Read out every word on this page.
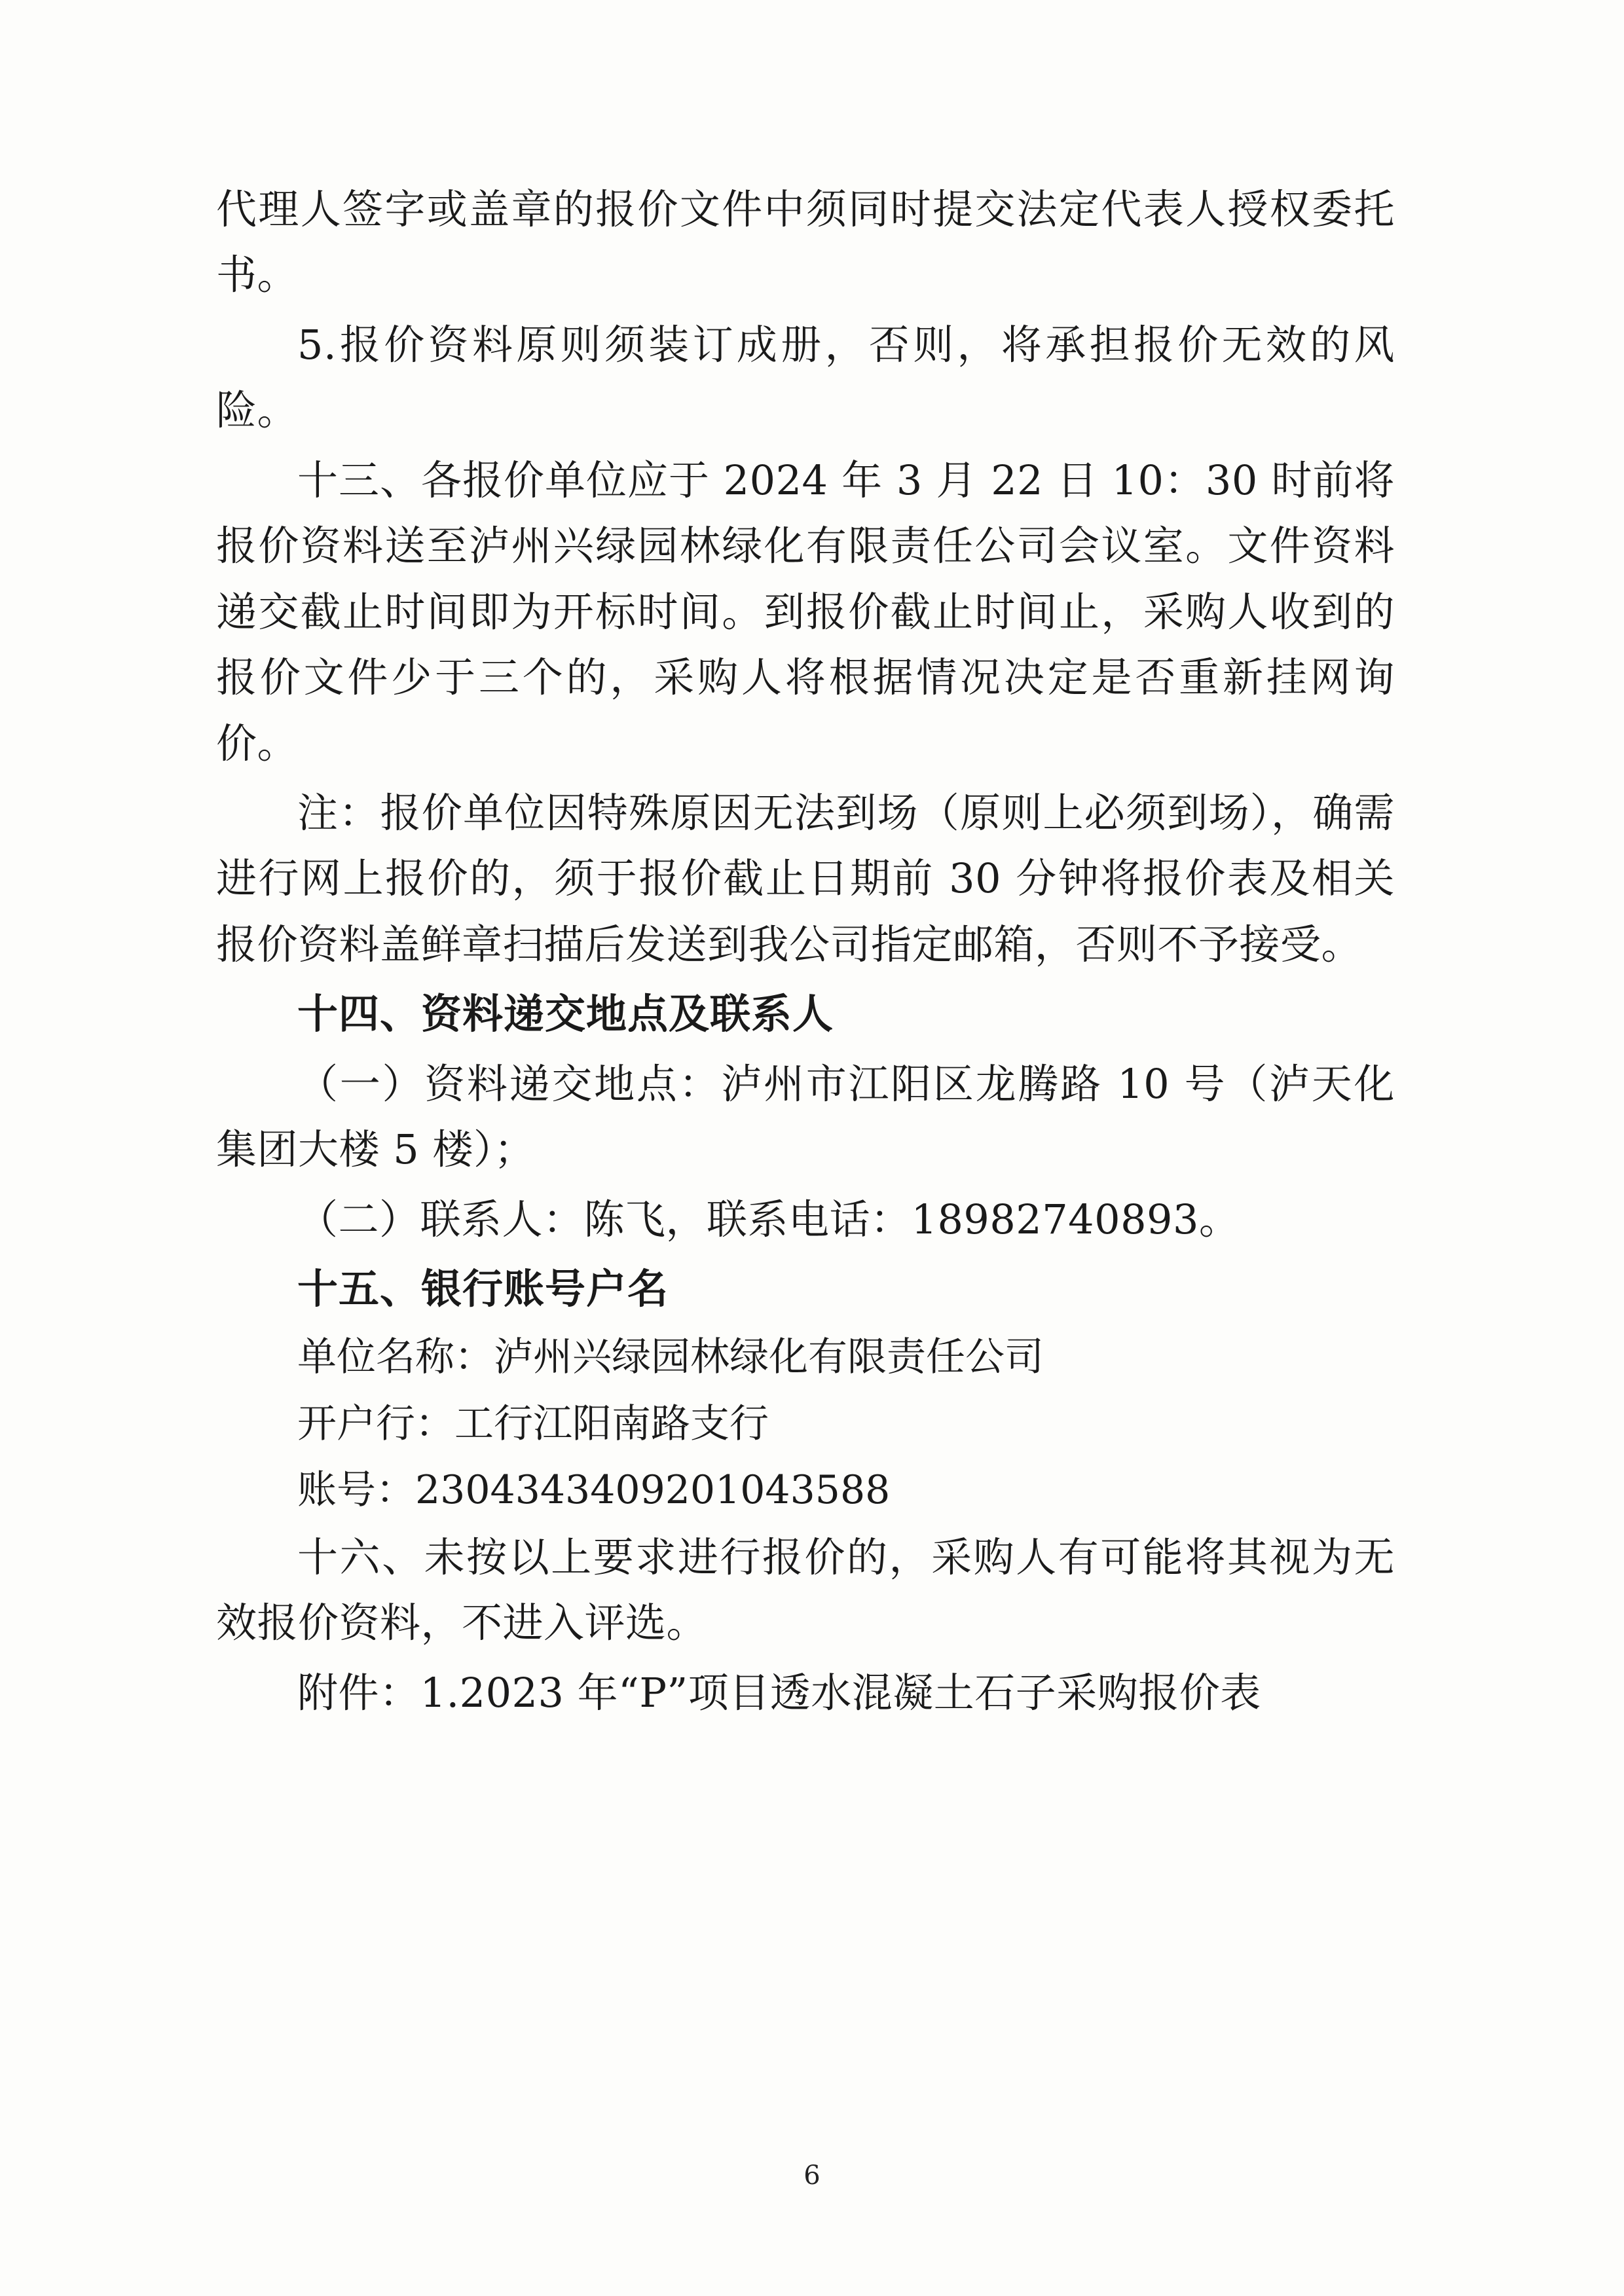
代理人签字或盖章的报价文件中须同时提交法定代表人授权委托书。

5.报价资料原则须装订成册，否则，将承担报价无效的风险。

十三、各报价单位应于 2024 年 3 月 22 日 10：30 时前将报价资料送至泸州兴绿园林绿化有限责任公司会议室。文件资料递交截止时间即为开标时间。到报价截止时间止，采购人收到的报价文件少于三个的，采购人将根据情况决定是否重新挂网询价。

注：报价单位因特殊原因无法到场（原则上必须到场），确需进行网上报价的，须于报价截止日期前 30 分钟将报价表及相关报价资料盖鲜章扫描后发送到我公司指定邮箱，否则不予接受。

十四、资料递交地点及联系人

（一）资料递交地点：泸州市江阳区龙腾路 10 号（泸天化集团大楼 5 楼）；

（二）联系人：陈飞，联系电话：18982740893。

十五、银行账号户名

单位名称：泸州兴绿园林绿化有限责任公司

开户行：工行江阳南路支行

账号：2304343409201043588

十六、未按以上要求进行报价的，采购人有可能将其视为无效报价资料，不进入评选。

附件：1.2023 年“P”项目透水混凝土石子采购报价表

6
